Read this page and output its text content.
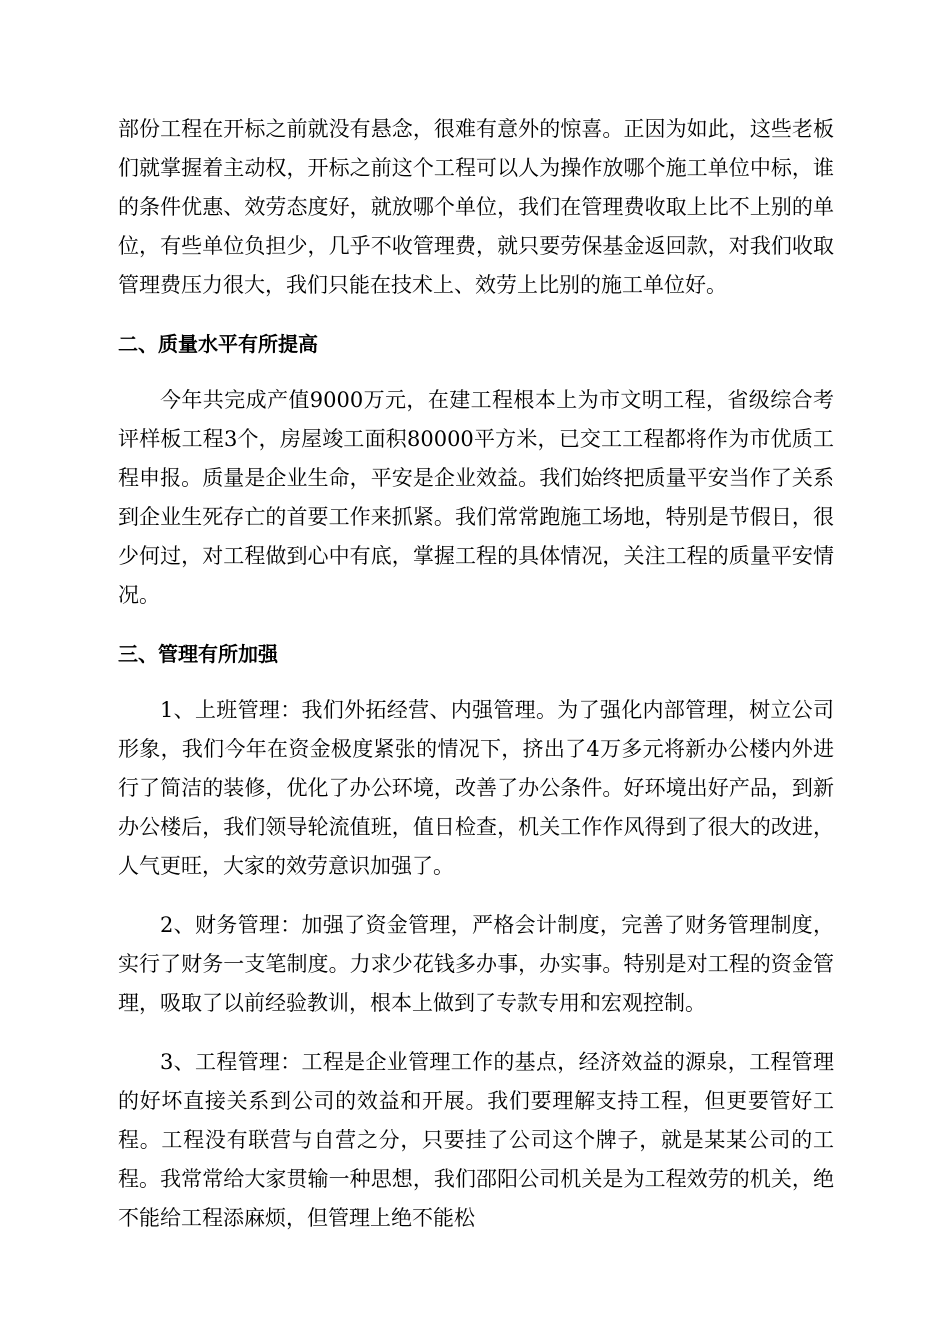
部份工程在开标之前就没有悬念，很难有意外的惊喜。正因为如此，这些老板们就掌握着主动权，开标之前这个工程可以人为操作放哪个施工单位中标，谁的条件优惠、效劳态度好，就放哪个单位，我们在管理费收取上比不上别的单位，有些单位负担少，几乎不收管理费，就只要劳保基金返回款，对我们收取管理费压力很大，我们只能在技术上、效劳上比别的施工单位好。

二、质量水平有所提高

今年共完成产值9000万元，在建工程根本上为市文明工程，省级综合考评样板工程3个，房屋竣工面积80000平方米，已交工工程都将作为市优质工程申报。质量是企业生命，平安是企业效益。我们始终把质量平安当作了关系到企业生死存亡的首要工作来抓紧。我们常常跑施工场地，特别是节假日，很少何过，对工程做到心中有底，掌握工程的具体情况，关注工程的质量平安情况。

三、管理有所加强

1、上班管理：我们外拓经营、内强管理。为了强化内部管理，树立公司形象，我们今年在资金极度紧张的情况下，挤出了4万多元将新办公楼内外进行了简洁的装修，优化了办公环境，改善了办公条件。好环境出好产品，到新办公楼后，我们领导轮流值班，值日检查，机关工作作风得到了很大的改进，人气更旺，大家的效劳意识加强了。

2、财务管理：加强了资金管理，严格会计制度，完善了财务管理制度，实行了财务一支笔制度。力求少花钱多办事，办实事。特别是对工程的资金管理，吸取了以前经验教训，根本上做到了专款专用和宏观控制。

3、工程管理：工程是企业管理工作的基点，经济效益的源泉，工程管理的好坏直接关系到公司的效益和开展。我们要理解支持工程，但更要管好工程。工程没有联营与自营之分，只要挂了公司这个牌子，就是某某公司的工程。我常常给大家贯输一种思想，我们邵阳公司机关是为工程效劳的机关，绝不能给工程添麻烦，但管理上绝不能松
